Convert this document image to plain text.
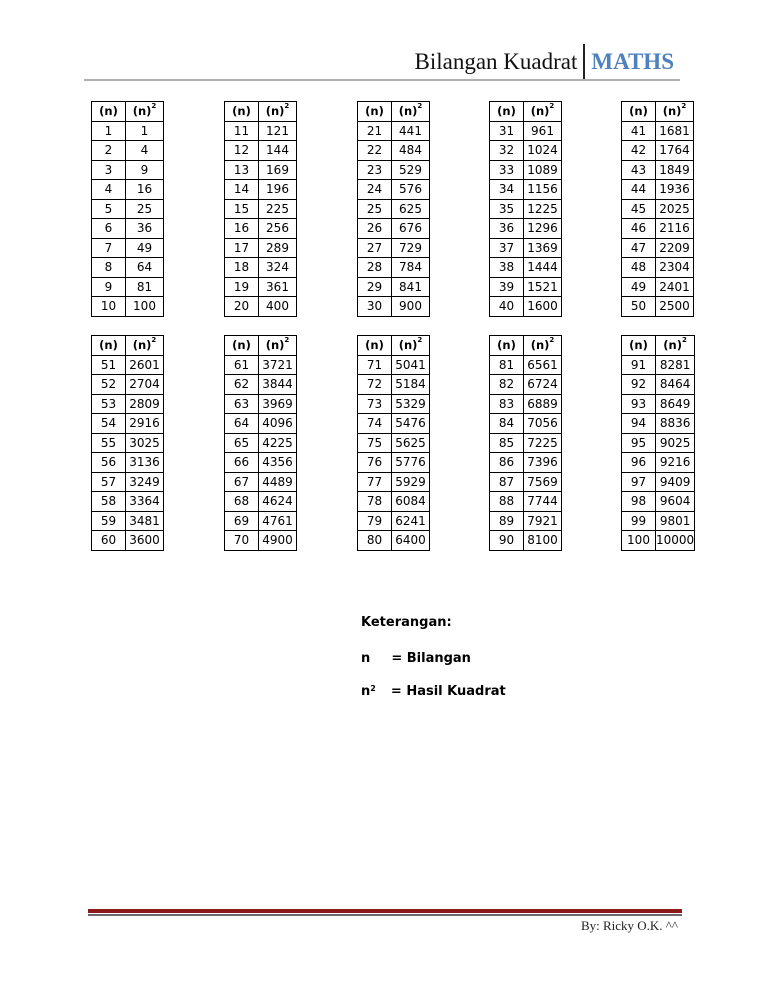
Bilangan Kuadrat MATHS
(n)	$(n)^2$
1	1
2	4
3	9
4	16
5	25
6	36
7	49
8	64
9	81
10	100
(n)	$(n)^2$
11	121
12	144
13	169
14	196
15	225
16	256
17	289
18	324
19	361
20	400
(n)	$(n)^2$
21	441
22	484
23	529
24	576
25	625
26	676
27	729
28	784
29	841
30	900
(n)	$(n)^2$
31	961
32	1024
33	1089
34	1156
35	1225
36	1296
37	1369
38	1444
39	1521
40	1600
(n)	$(n)^2$
41	1681
42	1764
43	1849
44	1936
45	2025
46	2116
47	2209
48	2304
49	2401
50	2500
(n)	$(n)^2$
51	2601
52	2704
53	2809
54	2916
55	3025
56	3136
57	3249
58	3364
59	3481
60	3600
(n)	$(n)^2$
61	3721
62	3844
63	3969
64	4096
65	4225
66	4356
67	4489
68	4624
69	4761
70	4900
(n)	$(n)^2$
71	5041
72	5184
73	5329
74	5476
75	5625
76	5776
77	5929
78	6084
79	6241
80	6400
(n)	$(n)^2$
81	6561
82	6724
83	6889
84	7056
85	7225
86	7396
87	7569
88	7744
89	7921
90	8100
(n)	$(n)^2$
91	8281
92	8464
93	8649
94	8836
95	9025
96	9216
97	9409
98	9604
99	9801
100	10000
Keterangan:
n = Bilangan
$n^2$ = Hasil Kuadrat
By: Ricky O.K. ^^
